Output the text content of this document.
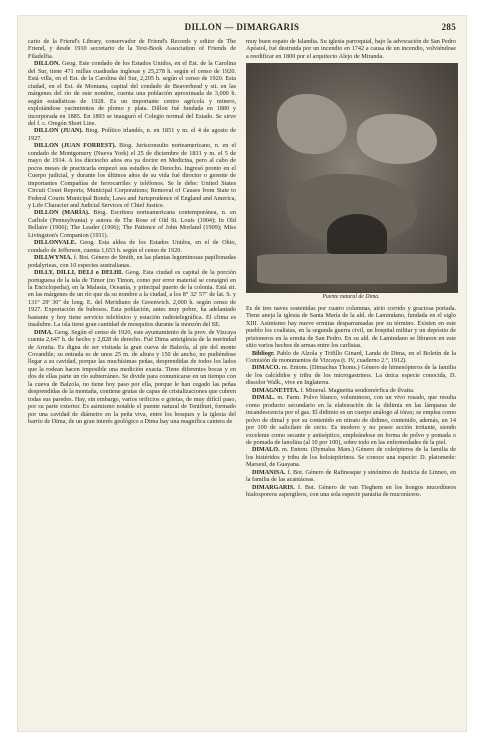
DILLON — DIMARGARIS	285

cario de la Friend's Library, conservador de Friend's Records y editor de The Friend, y desde 1910 secretario de la Text-Book Association of Friends de Filadelfia.

DILLON. Geog. Este condado de los Estados Unidos, en el Est. de la Carolina del Sur, tiene 471 millas cuadradas inglesas y 25,278 h. según el censo de 1920. Está villa, en el Est. de la Carolina del Sur, 2,205 h. según el censo de 1920. Esta ciudad, en el Est. de Montana, capital del condado de Beaverhead y sit. en las márgenes del río de este nombre, cuenta una población aproximada de 3,000 h. según estadísticas de 1928. Es un importante centro agrícola y minero, explotándose yacimientos de plomo y plata. Dillon fué fundada en 1880 y incorporada en 1885. En 1893 se inauguró el Colegio normal del Estado. Se sirve del f. c. Oregón Short Line.

DILLON (JUAN). Biog. Político irlandés, n. en 1851 y m. el 4 de agosto de 1927.

DILLON (JUAN FORREST). Biog. Jurisconsulto norteamericano, n. en el condado de Montgomery (Nueva York) el 25 de diciembre de 1831 y m. el 5 de mayo de 1914. A los dieciocho años era ya doctor en Medicina, pero al cabo de pocos meses de practicarla empezó sus estudios de Derecho. Ingresó pronto en el Cuerpo judicial, y durante los últimos años de su vida fué director o gerente de importantes Compañías de ferrocarriles y teléfonos. Se le debe: United States Circuit Court Reports; Municipal Corporations; Removal of Causes from State to Federal Courts Municipal Bonds; Laws and Jurisprudence of England and America, y Life Character and Judicial Services of Chief Justice.

DILLON (MARÍA). Biog. Escritora norteamericana contemporánea, n. en Carlisle (Pennsylvania) y autora de The Rose of Old St. Louis (1904); In Old Bellaire (1906); The Leader (1906); The Patience of John Morland (1909); Miss Livingston's Companion (1911).

DILLONVALE. Geog. Esta aldea de los Estados Unidos, en el de Ohio, condado de Jefferson, cuenta 1,653 h. según el censo de 1920.

DILLWYNIA. f. Bot. Género de Smith, en las plantas leguminosas papilionadas podalyrieas, con 10 especies australianas.

DILLY, DILLI, DELI o DELHI. Geog. Esta ciudad es capital de la porción portuguesa de la isla de Timor (no Timon, como por error material se consignó en la Enciclopedia), en la Malasia, Oceanía, y principal puerto de la colonia. Está sit. en las márgenes de un río que da su nombre a la ciudad, a los 8° 32' 57" de lat. S. y 131° 29' 30" de long. E. del Meridiano de Greenwich. 2,000 h. según censo de 1927. Exportación de bubosos. Esta población, antes muy pobre, ha adelantado bastante y hoy tiene servicio telefónico y estación radiotelegráfica. El clima es insalubre. La isla tiene gran cantidad de mosquitos durante la monzón del SE.

DIMA. Geog. Según el censo de 1920, este ayuntamiento de la prov. de Vizcaya cuenta 2,647 h. de hecho y 2,828 de derecho. Fué Dima anteiglesia de la merindad de Arratia. Es digna de ser visitada la gran cueva de Balzola, al pie del monte Covandile; su entrada es de unos 25 m. de altura y 150 de ancho, no pudiéndose llegar a su cavidad, porque las muchísimas peñas, desprendidas de todos los lados que la rodean hacen imposible una medición exacta. Tiene diferentes bocas y en dos de ellas parte un río subterráneo. Se divide para comunicarse en un tiempo con la cueva de Balzola, no tiene hoy paso por ella, porque le han cegado las peñas desprendidas de la montaña, contiene grutas de capas de cristalizaciones que cubren todas sus paredes. Hay, sin embargo, varios orificios o grietas, de muy difícil paso, por su parte exterior. Es asimismo notable el puente natural de Tentiburi, formado por una cavidad de diámetro en la peña viva, entre los bosques y la iglesia del barrio de Dima, de un gran interés geológico a Dima hay una magnífica cantera de

muy buen espato de Islandia. Su iglesia parroquial, bajo la advocación de San Pedro Apóstol, fué destruida por un incendio en 1742 a causa de un incendio, volviéndose a reedificar en 1800 por el arquitecto Alejo de Miranda.

Puente natural de Dima.

Es de tres naves sostenidas por cuatro columnas, atrio corrido y graciosa portada. Tiene aneja la iglesia de Santa María de la ald. de Lamindano, fundada en el siglo XIII. Asimismo hay nueve ermitas desparramadas por su término. Existen en este pueblo los coalistas, en la segunda guerra civil, un hospital militar y un depósito de prisioneros en la ermita de San Pedro. En su ald. de Lamindano se libraron en este sitio varios hechos de armas entre los carlistas.

Bibliogr. Pablo de Alzola y Trifillo Ginard, Landa de Dima, en el Boletín de la Comisión de monumentos de Vizcaya (t. IV, cuaderno 2.º, 1912).

DIMACO. m. Entom. (Dimachus Thoms.) Género de himenópteros de la familia de los calcídidos y tribu de los microgastrinos. La única especie conocida, D. dissolor Walk., vive en Inglaterra.

DIMAGNETITA. f. Mineral. Magnetita seudomórfica de ilvaita.

DIMAL. m. Farm. Polvo blanco, voluminoso, con un vivo rosado, que resulta como producto secundario en la elaboración de la didimia en las lámparas de incandescencia por el gas. El didimio es un cuerpo análogo al tórax; se emplea como polvo de dimal y por su contenido en nitrato de didimo, contenido, además, un 14 por 100 de salicilato de cerio. Es inodoro y no posee acción irritante, siendo excelente como secante y antiséptico, empleándose en forma de polvo y pomada o de pomada de lanolina (al 10 por 100), sobre todo en las enfermedades de la piel.

DIMALO. m. Entom. (Dymalus Mars.) Género de coleópteros de la familia de los histéridos y tribu de los holoiepitrinos. Se conoce una especie: D. platomede: Marseul, de Guayana.

DIMANISA. f. Bot. Género de Rafinesque y sinónimo de Justicia de Linneo, en la familia de las acantáceas.

DIMARGARIS. f. Bot. Género de van Tieghem en los hongos mucedíneos hialosporeos aspergileos, con una sola especie parásita de mucoráceos.
